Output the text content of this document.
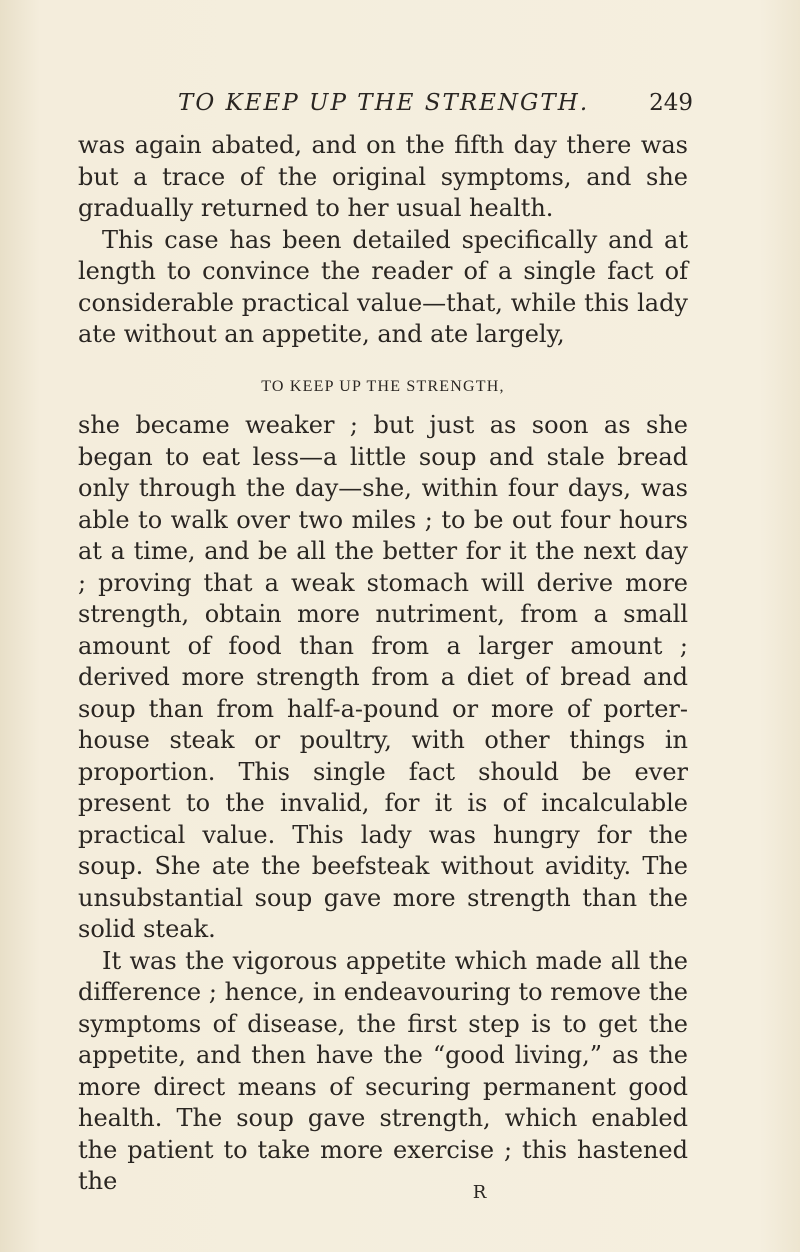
TO KEEP UP THE STRENGTH.	249

was again abated, and on the fifth day there was but a trace of the original symptoms, and she gradually returned to her usual health.

This case has been detailed specifically and at length to convince the reader of a single fact of considerable practical value—that, while this lady ate without an appetite, and ate largely,

TO KEEP UP THE STRENGTH,

she became weaker ; but just as soon as she began to eat less—a little soup and stale bread only through the day—she, within four days, was able to walk over two miles ; to be out four hours at a time, and be all the better for it the next day ; proving that a weak stomach will derive more strength, obtain more nutriment, from a small amount of food than from a larger amount ; derived more strength from a diet of bread and soup than from half-a-pound or more of porter-house steak or poultry, with other things in proportion. This single fact should be ever present to the invalid, for it is of incalculable practical value. This lady was hungry for the soup. She ate the beefsteak without avidity. The unsubstantial soup gave more strength than the solid steak.

It was the vigorous appetite which made all the difference ; hence, in endeavouring to remove the symptoms of disease, the first step is to get the appetite, and then have the “good living,” as the more direct means of securing permanent good health. The soup gave strength, which enabled the patient to take more exercise ; this hastened the	R
